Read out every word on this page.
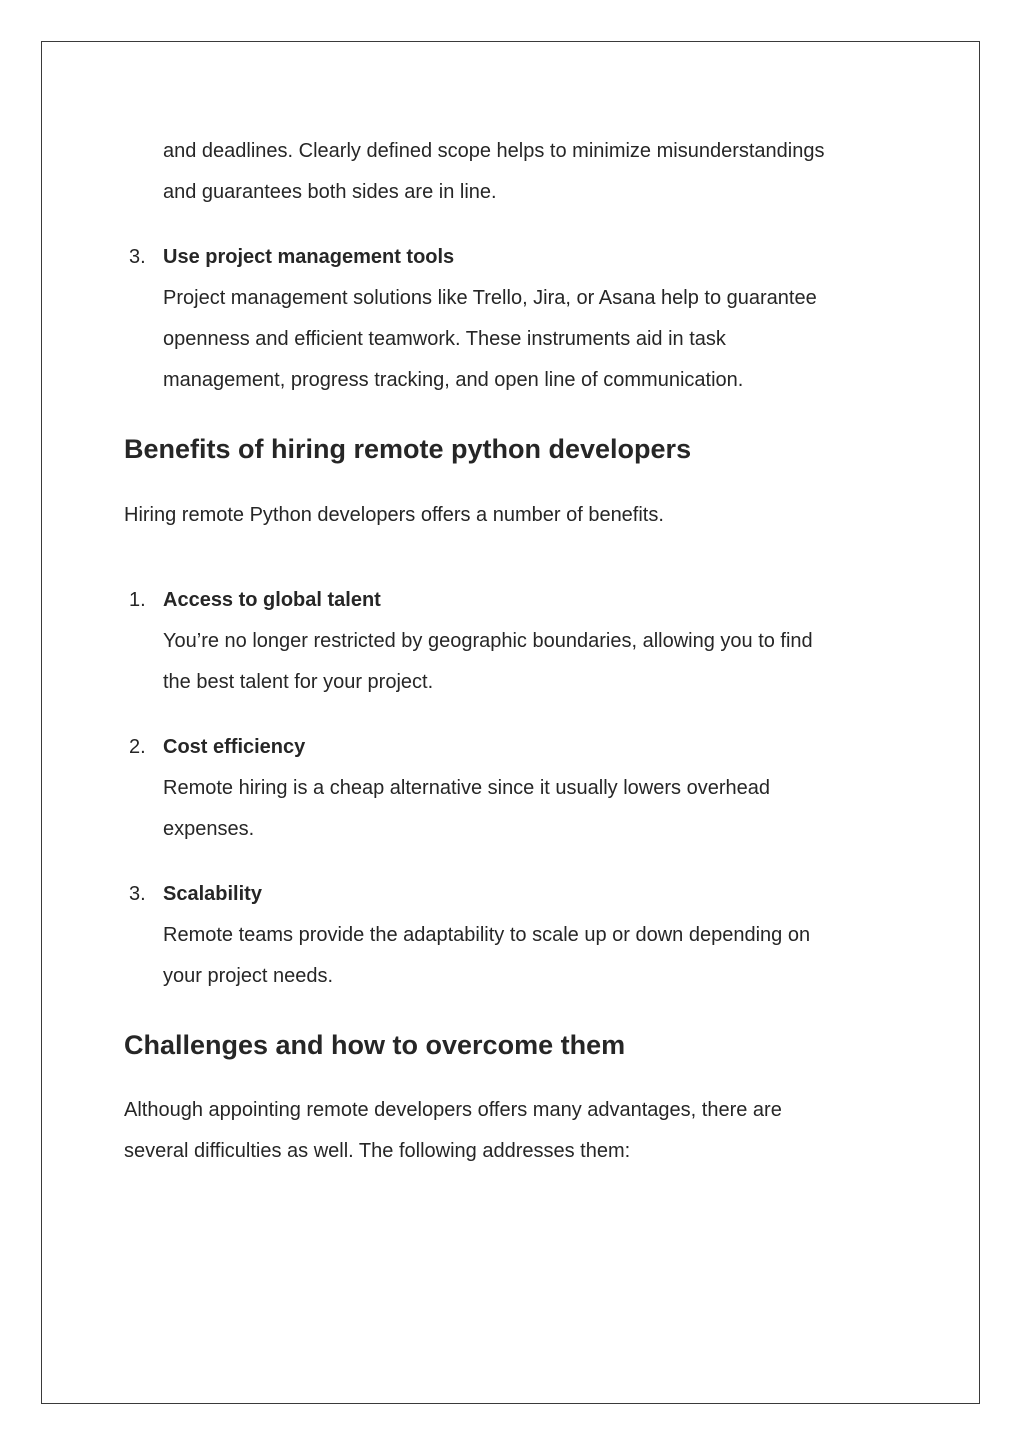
and deadlines. Clearly defined scope helps to minimize misunderstandings
and guarantees both sides are in line.
3. Use project management tools
Project management solutions like Trello, Jira, or Asana help to guarantee
openness and efficient teamwork. These instruments aid in task
management, progress tracking, and open line of communication.
Benefits of hiring remote python developers
Hiring remote Python developers offers a number of benefits.
1. Access to global talent
You’re no longer restricted by geographic boundaries, allowing you to find
the best talent for your project.
2. Cost efficiency
Remote hiring is a cheap alternative since it usually lowers overhead
expenses.
3. Scalability
Remote teams provide the adaptability to scale up or down depending on
your project needs.
Challenges and how to overcome them
Although appointing remote developers offers many advantages, there are
several difficulties as well. The following addresses them:
